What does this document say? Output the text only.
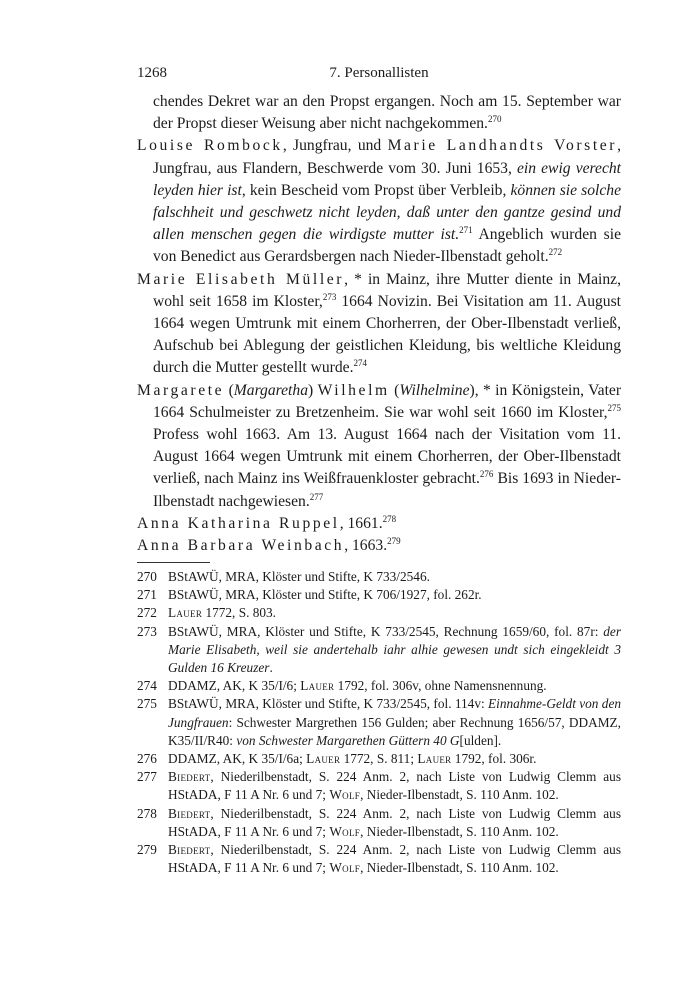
1268	7. Personallisten

chendes Dekret war an den Propst ergangen. Noch am 15. September war der Propst dieser Weisung aber nicht nachgekommen.$^{270}$

Louise Rombock, Jungfrau, und Marie Landhandts Vorster, Jungfrau, aus Flandern, Beschwerde vom 30. Juni 1653, ein ewig verecht leyden hier ist, kein Bescheid vom Propst über Verbleib, können sie solche falschheit und geschwetz nicht leyden, daß unter den gantze gesind und allen menschen gegen die wirdigste mutter ist.$^{271}$ Angeblich wurden sie von Benedict aus Gerardsbergen nach Nieder-Ilbenstadt geholt.$^{272}$

Marie Elisabeth Müller, * in Mainz, ihre Mutter diente in Mainz, wohl seit 1658 im Kloster,$^{273}$ 1664 Novizin. Bei Visitation am 11. August 1664 wegen Umtrunk mit einem Chorherren, der Ober-Ilbenstadt verließ, Aufschub bei Ablegung der geistlichen Kleidung, bis weltliche Kleidung durch die Mutter gestellt wurde.$^{274}$

Margarete (Margaretha) Wilhelm (Wilhelmine), * in Königstein, Vater 1664 Schulmeister zu Bretzenheim. Sie war wohl seit 1660 im Kloster,$^{275}$ Profess wohl 1663. Am 13. August 1664 nach der Visitation vom 11. August 1664 wegen Umtrunk mit einem Chorherren, der Ober-Ilbenstadt verließ, nach Mainz ins Weißfrauenkloster gebracht.$^{276}$ Bis 1693 in Nieder-Ilbenstadt nachgewiesen.$^{277}$

Anna Katharina Ruppel, 1661.$^{278}$

Anna Barbara Weinbach, 1663.$^{279}$

270 BStAWÜ, MRA, Klöster und Stifte, K 733/2546.

271 BStAWÜ, MRA, Klöster und Stifte, K 706/1927, fol. 262r.

272 Lauer 1772, S. 803.

273 BStAWÜ, MRA, Klöster und Stifte, K 733/2545, Rechnung 1659/60, fol. 87r: der Marie Elisabeth, weil sie andertehalb iahr alhie gewesen undt sich eingekleidt 3 Gulden 16 Kreuzer.

274 DDAMZ, AK, K 35/I/6; Lauer 1792, fol. 306v, ohne Namensnennung.

275 BStAWÜ, MRA, Klöster und Stifte, K 733/2545, fol. 114v: Einnahme-Geldt von den Jungfrauen: Schwester Margrethen 156 Gulden; aber Rechnung 1656/57, DDAMZ, K35/II/R40: von Schwester Margarethen Güttern 40 G[ulden].

276 DDAMZ, AK, K 35/I/6a; Lauer 1772, S. 811; Lauer 1792, fol. 306r.

277 Biedert, Niederilbenstadt, S. 224 Anm. 2, nach Liste von Ludwig Clemm aus HStADA, F 11 A Nr. 6 und 7; Wolf, Nieder-Ilbenstadt, S. 110 Anm. 102.

278 Biedert, Niederilbenstadt, S. 224 Anm. 2, nach Liste von Ludwig Clemm aus HStADA, F 11 A Nr. 6 und 7; Wolf, Nieder-Ilbenstadt, S. 110 Anm. 102.

279 Biedert, Niederilbenstadt, S. 224 Anm. 2, nach Liste von Ludwig Clemm aus HStADA, F 11 A Nr. 6 und 7; Wolf, Nieder-Ilbenstadt, S. 110 Anm. 102.
